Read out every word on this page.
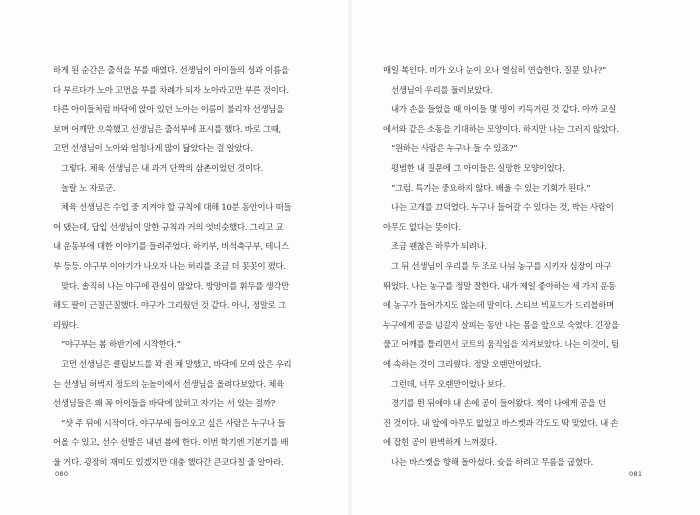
하게 된 순간은 출석을 부를 때였다. 선생님이 아이들의 성과 이름을
다 부르다가 노아 고먼을 부를 차례가 되자 노아라고만 부른 것이다.
다른 아이들처럼 바닥에 앉아 있던 노아는 이름이 불리자 선생님을
보며 어깨만 으쓱했고 선생님은 출석부에 표시를 했다. 바로 그때,
고먼 선생님이 노아와 엄청나게 많이 닮았다는 걸 알았다.
그렇다. 체육 선생님은 내 과거 단짝의 삼촌이었던 것이다.
놀랄 노 자로군.
체육 선생님은 수업 중 지켜야 할 규칙에 대해 10분 동안이나 떠들
어 댔는데, 답입 선생님이 말한 규칙과 거의 엇비슷했다. 그리고 교
내 운동부에 대한 이야기를 들려주었다. 하키부, 비석축구부, 테니스
부 등등. 야구부 이야기가 나오자 나는 허리를 조금 더 꼿꼿이 폈다.
맞다. 솔직히 나는 야구에 관심이 많았다. 방망이를 휘두를 생각만
해도 팔이 근질근질했다. 야구가 그리웠던 것 같다. 아니, 정말로 그
리웠다.
“야구부는 봄 하반기에 시작한다.”
고먼 선생님은 클립보드를 꽉 쥔 채 말했고, 바닥에 모여 앉은 우리
는 선생님 허벅지 정도의 눈높이에서 선생님을 올려다보았다. 체육
선생님들은 왜 꼭 아이들을 바닥에 앉히고 자기는 서 있는 걸까?
“샷 주 뒤에 시작이다. 야구부에 들어오고 싶은 사람은 누구나 들
어올 수 있고, 선수 선발은 내년 봄에 한다. 이번 학기엔 기본기를 배
울 거다. 굉장히 재미도 있겠지만 대충 했다간 큰코다칠 줄 알아라.
080
매일 복인다. 비가 오나 눈이 오나 열심히 연습한다. 질문 있나?”
선생님이 우리를 둘러보았다.
내가 손을 들었을 때 아이들 몇 명이 키득거린 것 같다. 아까 교실
에서와 같은 소동을 기대하는 모양이다. 하지만 나는 그러지 않았다.
“원하는 사람은 누구나 들 수 있죠?”
평범한 내 질문에 그 아이들은 실망한 모양이었다.
“그럼. 특기는 중요하지 않다. 배울 수 있는 기회가 된다.”
나는 고개를 끄덕였다. 누구나 들어갈 수 있다는 것, 박는 사람이
아무도 없다는 뜻이다.
조금 괜찮은 하루가 되려나.
그 뒤 선생님이 우리를 두 조로 나눠 농구를 시키자 심장이 마구
뛰었다. 나는 농구를 정말 잘한다. 내가 제일 좋아하는 세 가지 운동
에 농구가 들어가지도 않는데 말이다. 스티브 빅포드가 드리블하며
누구에게 공을 넘길지 살피는 동안 나는 몸을 앞으로 숙였다. 긴장을
풀고 어깨를 틀리면서 코트의 움직임을 지켜보았다. 나는 이것이, 팀
에 속하는 것이 그리웠다. 정말 오랜만이었다.
그런데, 너무 오랜만이었나 보다.
경기를 뛴 뒤에야 내 손에 공이 들어왔다. 잭이 나에게 공을 던
진 것이다. 내 앞에 아무도 없었고 바스켓과 각도도 딱 맞았다. 내 손
에 잡힌 공이 완벽하게 느껴졌다.
나는 바스켓을 향해 돌아섰다. 슛을 하려고 무릎을 굽혔다.
081
